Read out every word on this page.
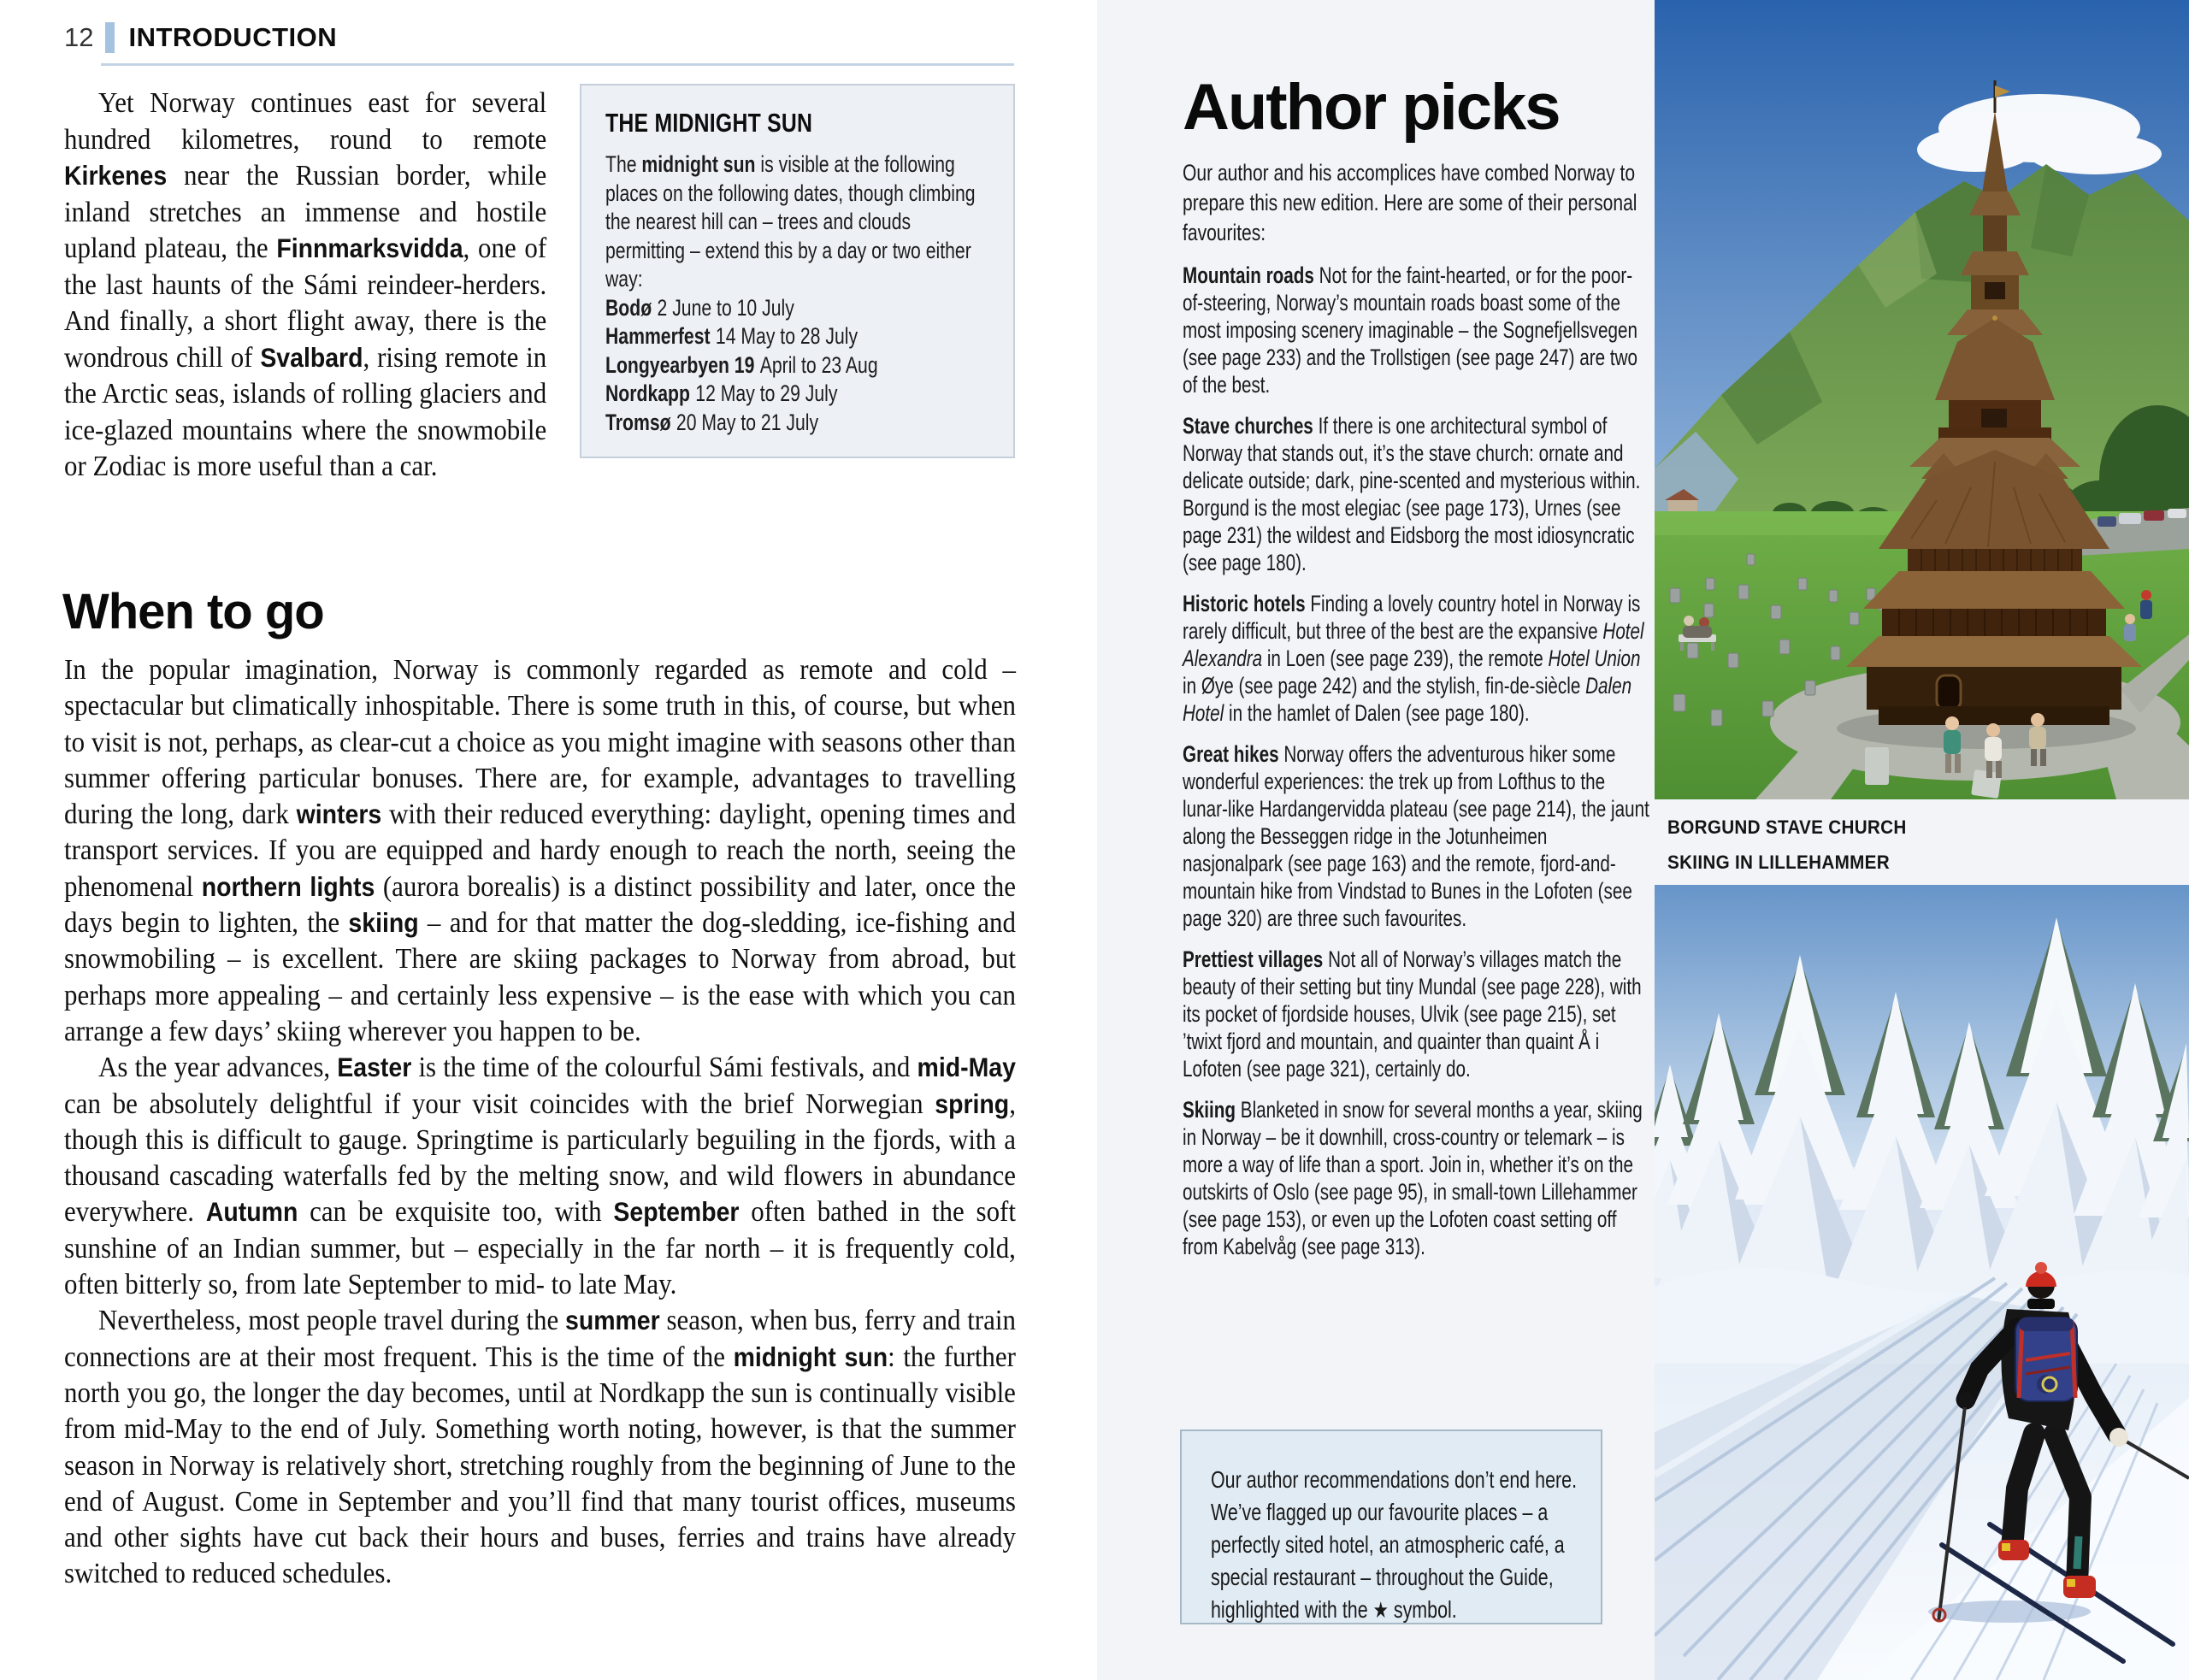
12 INTRODUCTION
Yet Norway continues east for several hundred kilometres, round to remote Kirkenes near the Russian border, while inland stretches an immense and hostile upland plateau, the Finnmarksvidda, one of the last haunts of the Sámi reindeer-herders. And finally, a short flight away, there is the wondrous chill of Svalbard, rising remote in the Arctic seas, islands of rolling glaciers and ice-glazed mountains where the snowmobile or Zodiac is more useful than a car.
THE MIDNIGHT SUN
The midnight sun is visible at the following places on the following dates, though climbing the nearest hill can – trees and clouds permitting – extend this by a day or two either way:
Bodø 2 June to 10 July
Hammerfest 14 May to 28 July
Longyearbyen 19 April to 23 Aug
Nordkapp 12 May to 29 July
Tromsø 20 May to 21 July
When to go

In the popular imagination, Norway is commonly regarded as remote and cold – spectacular but climatically inhospitable. There is some truth in this, of course, but when to visit is not, perhaps, as clear-cut a choice as you might imagine with seasons other than summer offering particular bonuses. There are, for example, advantages to travelling during the long, dark winters with their reduced everything: daylight, opening times and transport services. If you are equipped and hardy enough to reach the north, seeing the phenomenal northern lights (aurora borealis) is a distinct possibility and later, once the days begin to lighten, the skiing – and for that matter the dog-sledding, ice-fishing and snowmobiling – is excellent. There are skiing packages to Norway from abroad, but perhaps more appealing – and certainly less expensive – is the ease with which you can arrange a few days’ skiing wherever you happen to be.

As the year advances, Easter is the time of the colourful Sámi festivals, and mid-May can be absolutely delightful if your visit coincides with the brief Norwegian spring, though this is difficult to gauge. Springtime is particularly beguiling in the fjords, with a thousand cascading waterfalls fed by the melting snow, and wild flowers in abundance everywhere. Autumn can be exquisite too, with September often bathed in the soft sunshine of an Indian summer, but – especially in the far north – it is frequently cold, often bitterly so, from late September to mid- to late May.

Nevertheless, most people travel during the summer season, when bus, ferry and train connections are at their most frequent. This is the time of the midnight sun: the further north you go, the longer the day becomes, until at Nordkapp the sun is continually visible from mid-May to the end of July. Something worth noting, however, is that the summer season in Norway is relatively short, stretching roughly from the beginning of June to the end of August. Come in September and you’ll find that many tourist offices, museums and other sights have cut back their hours and buses, ferries and trains have already switched to reduced schedules.

Author picks

Our author and his accomplices have combed Norway to prepare this new edition. Here are some of their personal favourites:

Mountain roads Not for the faint-hearted, or for the poor-of-steering, Norway’s mountain roads boast some of the most imposing scenery imaginable – the Sognefjellsvegen (see page 233) and the Trollstigen (see page 247) are two of the best.
Stave churches If there is one architectural symbol of Norway that stands out, it’s the stave church: ornate and delicate outside; dark, pine-scented and mysterious within. Borgund is the most elegiac (see page 173), Urnes (see page 231) the wildest and Eidsborg the most idiosyncratic (see page 180).
Historic hotels Finding a lovely country hotel in Norway is rarely difficult, but three of the best are the expansive Hotel Alexandra in Loen (see page 239), the remote Hotel Union in Øye (see page 242) and the stylish, fin-de-siècle Dalen Hotel in the hamlet of Dalen (see page 180).
Great hikes Norway offers the adventurous hiker some wonderful experiences: the trek up from Lofthus to the lunar-like Hardangervidda plateau (see page 214), the jaunt along the Besseggen ridge in the Jotunheimen nasjonalpark (see page 163) and the remote, fjord-and-mountain hike from Vindstad to Bunes in the Lofoten (see page 320) are three such favourites.
Prettiest villages Not all of Norway’s villages match the beauty of their setting but tiny Mundal (see page 228), with its pocket of fjordside houses, Ulvik (see page 215), set ’twixt fjord and mountain, and quainter than quaint Å i Lofoten (see page 321), certainly do.
Skiing Blanketed in snow for several months a year, skiing in Norway – be it downhill, cross-country or telemark – is more a way of life than a sport. Join in, whether it’s on the outskirts of Oslo (see page 95), in small-town Lillehammer (see page 153), or even up the Lofoten coast setting off from Kabelvåg (see page 313).
Our author recommendations don’t end here. We’ve flagged up our favourite places – a perfectly sited hotel, an atmospheric café, a special restaurant – throughout the Guide, highlighted with the ★ symbol.
BORGUND STAVE CHURCH
SKIING IN LILLEHAMMER
